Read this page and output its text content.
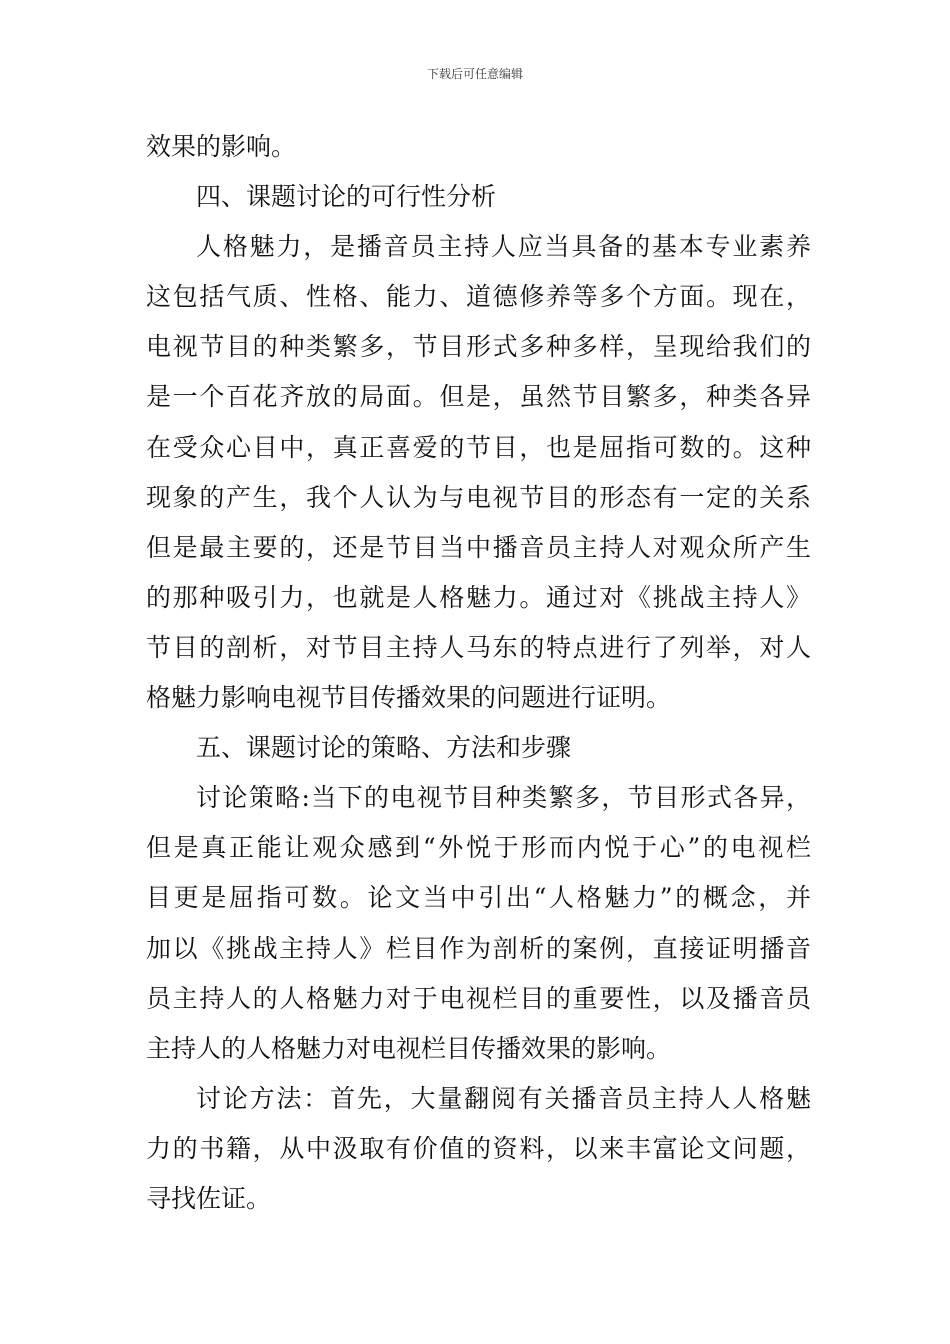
下载后可任意编辑
效果的影响。
四、课题讨论的可行性分析
人格魅力，是播音员主持人应当具备的基本专业素养
这包括气质、性格、能力、道德修养等多个方面。现在，
电视节目的种类繁多，节目形式多种多样，呈现给我们的
是一个百花齐放的局面。但是，虽然节目繁多，种类各异
在受众心目中，真正喜爱的节目，也是屈指可数的。这种
现象的产生，我个人认为与电视节目的形态有一定的关系
但是最主要的，还是节目当中播音员主持人对观众所产生
的那种吸引力，也就是人格魅力。通过对《挑战主持人》
节目的剖析，对节目主持人马东的特点进行了列举，对人
格魅力影响电视节目传播效果的问题进行证明。
五、课题讨论的策略、方法和步骤
讨论策略:当下的电视节目种类繁多，节目形式各异，
但是真正能让观众感到“外悦于形而内悦于心”的电视栏
目更是屈指可数。论文当中引出“人格魅力”的概念，并
加以《挑战主持人》栏目作为剖析的案例，直接证明播音
员主持人的人格魅力对于电视栏目的重要性，以及播音员
主持人的人格魅力对电视栏目传播效果的影响。
讨论方法：首先，大量翻阅有关播音员主持人人格魅
力的书籍，从中汲取有价值的资料，以来丰富论文问题，
寻找佐证。
